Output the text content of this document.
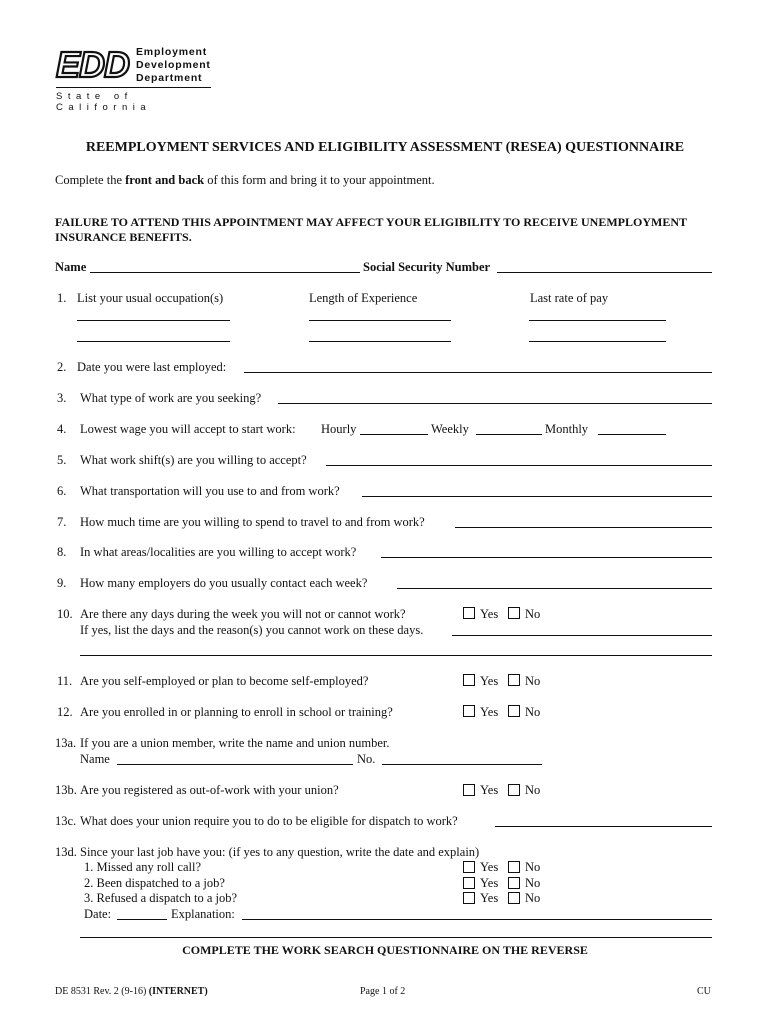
EDD Employment
Development
Department
State of California
REEMPLOYMENT SERVICES AND ELIGIBILITY ASSESSMENT (RESEA) QUESTIONNAIRE
Complete the front and back of this form and bring it to your appointment.
FAILURE TO ATTEND THIS APPOINTMENT MAY AFFECT YOUR ELIGIBILITY TO RECEIVE UNEMPLOYMENT
INSURANCE BENEFITS.
Name	Social Security Number
1. List your usual occupation(s)	Length of Experience	Last rate of pay
2. Date you were last employed:
3. What type of work are you seeking?
4. Lowest wage you will accept to start work: Hourly	Weekly	Monthly
5. What work shift(s) are you willing to accept?
6. What transportation will you use to and from work?
7. How much time are you willing to spend to travel to and from work?
8. In what areas/localities are you willing to accept work?
9. How many employers do you usually contact each week?
10. Are there any days during the week you will not or cannot work?	Yes No
If yes, list the days and the reason(s) you cannot work on these days.
11. Are you self-employed or plan to become self-employed?	Yes No
12. Are you enrolled in or planning to enroll in school or training?	Yes No
13a. If you are a union member, write the name and union number.
Name	No.
13b. Are you registered as out-of-work with your union?	Yes No
13c. What does your union require you to do to be eligible for dispatch to work?
13d. Since your last job have you: (if yes to any question, write the date and explain)
1. Missed any roll call?	Yes No
2. Been dispatched to a job?	Yes No
3. Refused a dispatch to a job?	Yes No
Date:	Explanation:
COMPLETE THE WORK SEARCH QUESTIONNAIRE ON THE REVERSE
DE 8531 Rev. 2 (9-16) (INTERNET)	Page 1 of 2	CU
